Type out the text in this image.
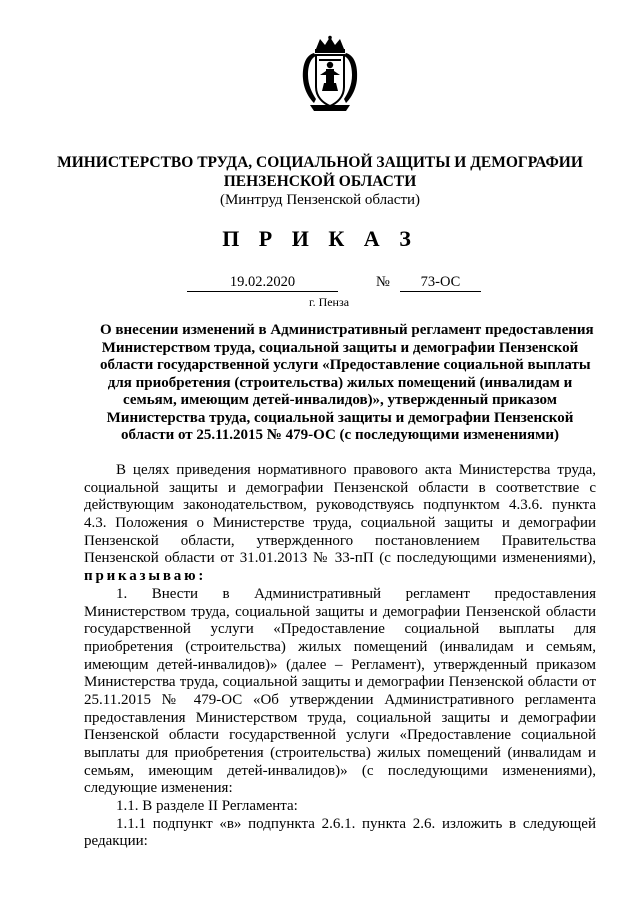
МИНИСТЕРСТВО ТРУДА, СОЦИАЛЬНОЙ ЗАЩИТЫ И ДЕМОГРАФИИ
ПЕНЗЕНСКОЙ ОБЛАСТИ
(Минтруд Пензенской области)
П Р И К А З
19.02.2020	№	73-ОС
г. Пенза
О внесении изменений в Административный регламент предоставления
Министерством труда, социальной защиты и демографии Пензенской
области государственной услуги «Предоставление социальной выплаты
для приобретения (строительства) жилых помещений (инвалидам и
семьям, имеющим детей-инвалидов)», утвержденный приказом
Министерства труда, социальной защиты и демографии Пензенской
области от 25.11.2015 № 479-ОС (с последующими изменениями)
В целях приведения нормативного правового акта Министерства труда,
социальной защиты и демографии Пензенской области в соответствие с
действующим законодательством, руководствуясь подпунктом 4.3.6. пункта
4.3. Положения о Министерстве труда, социальной защиты и демографии
Пензенской области, утвержденного постановлением Правительства
Пензенской области от 31.01.2013 № 33-пП (с последующими изменениями),
приказываю:
1. Внести в Административный регламент предоставления
Министерством труда, социальной защиты и демографии Пензенской области
государственной услуги «Предоставление социальной выплаты для
приобретения (строительства) жилых помещений (инвалидам и семьям,
имеющим детей-инвалидов)» (далее – Регламент), утвержденный приказом
Министерства труда, социальной защиты и демографии Пензенской области от
25.11.2015 № 479-ОС «Об утверждении Административного регламента
предоставления Министерством труда, социальной защиты и демографии
Пензенской области государственной услуги «Предоставление социальной
выплаты для приобретения (строительства) жилых помещений (инвалидам и
семьям, имеющим детей-инвалидов)» (с последующими изменениями),
следующие изменения:
1.1. В разделе II Регламента:
1.1.1 подпункт «в» подпункта 2.6.1. пункта 2.6. изложить в следующей
редакции:
